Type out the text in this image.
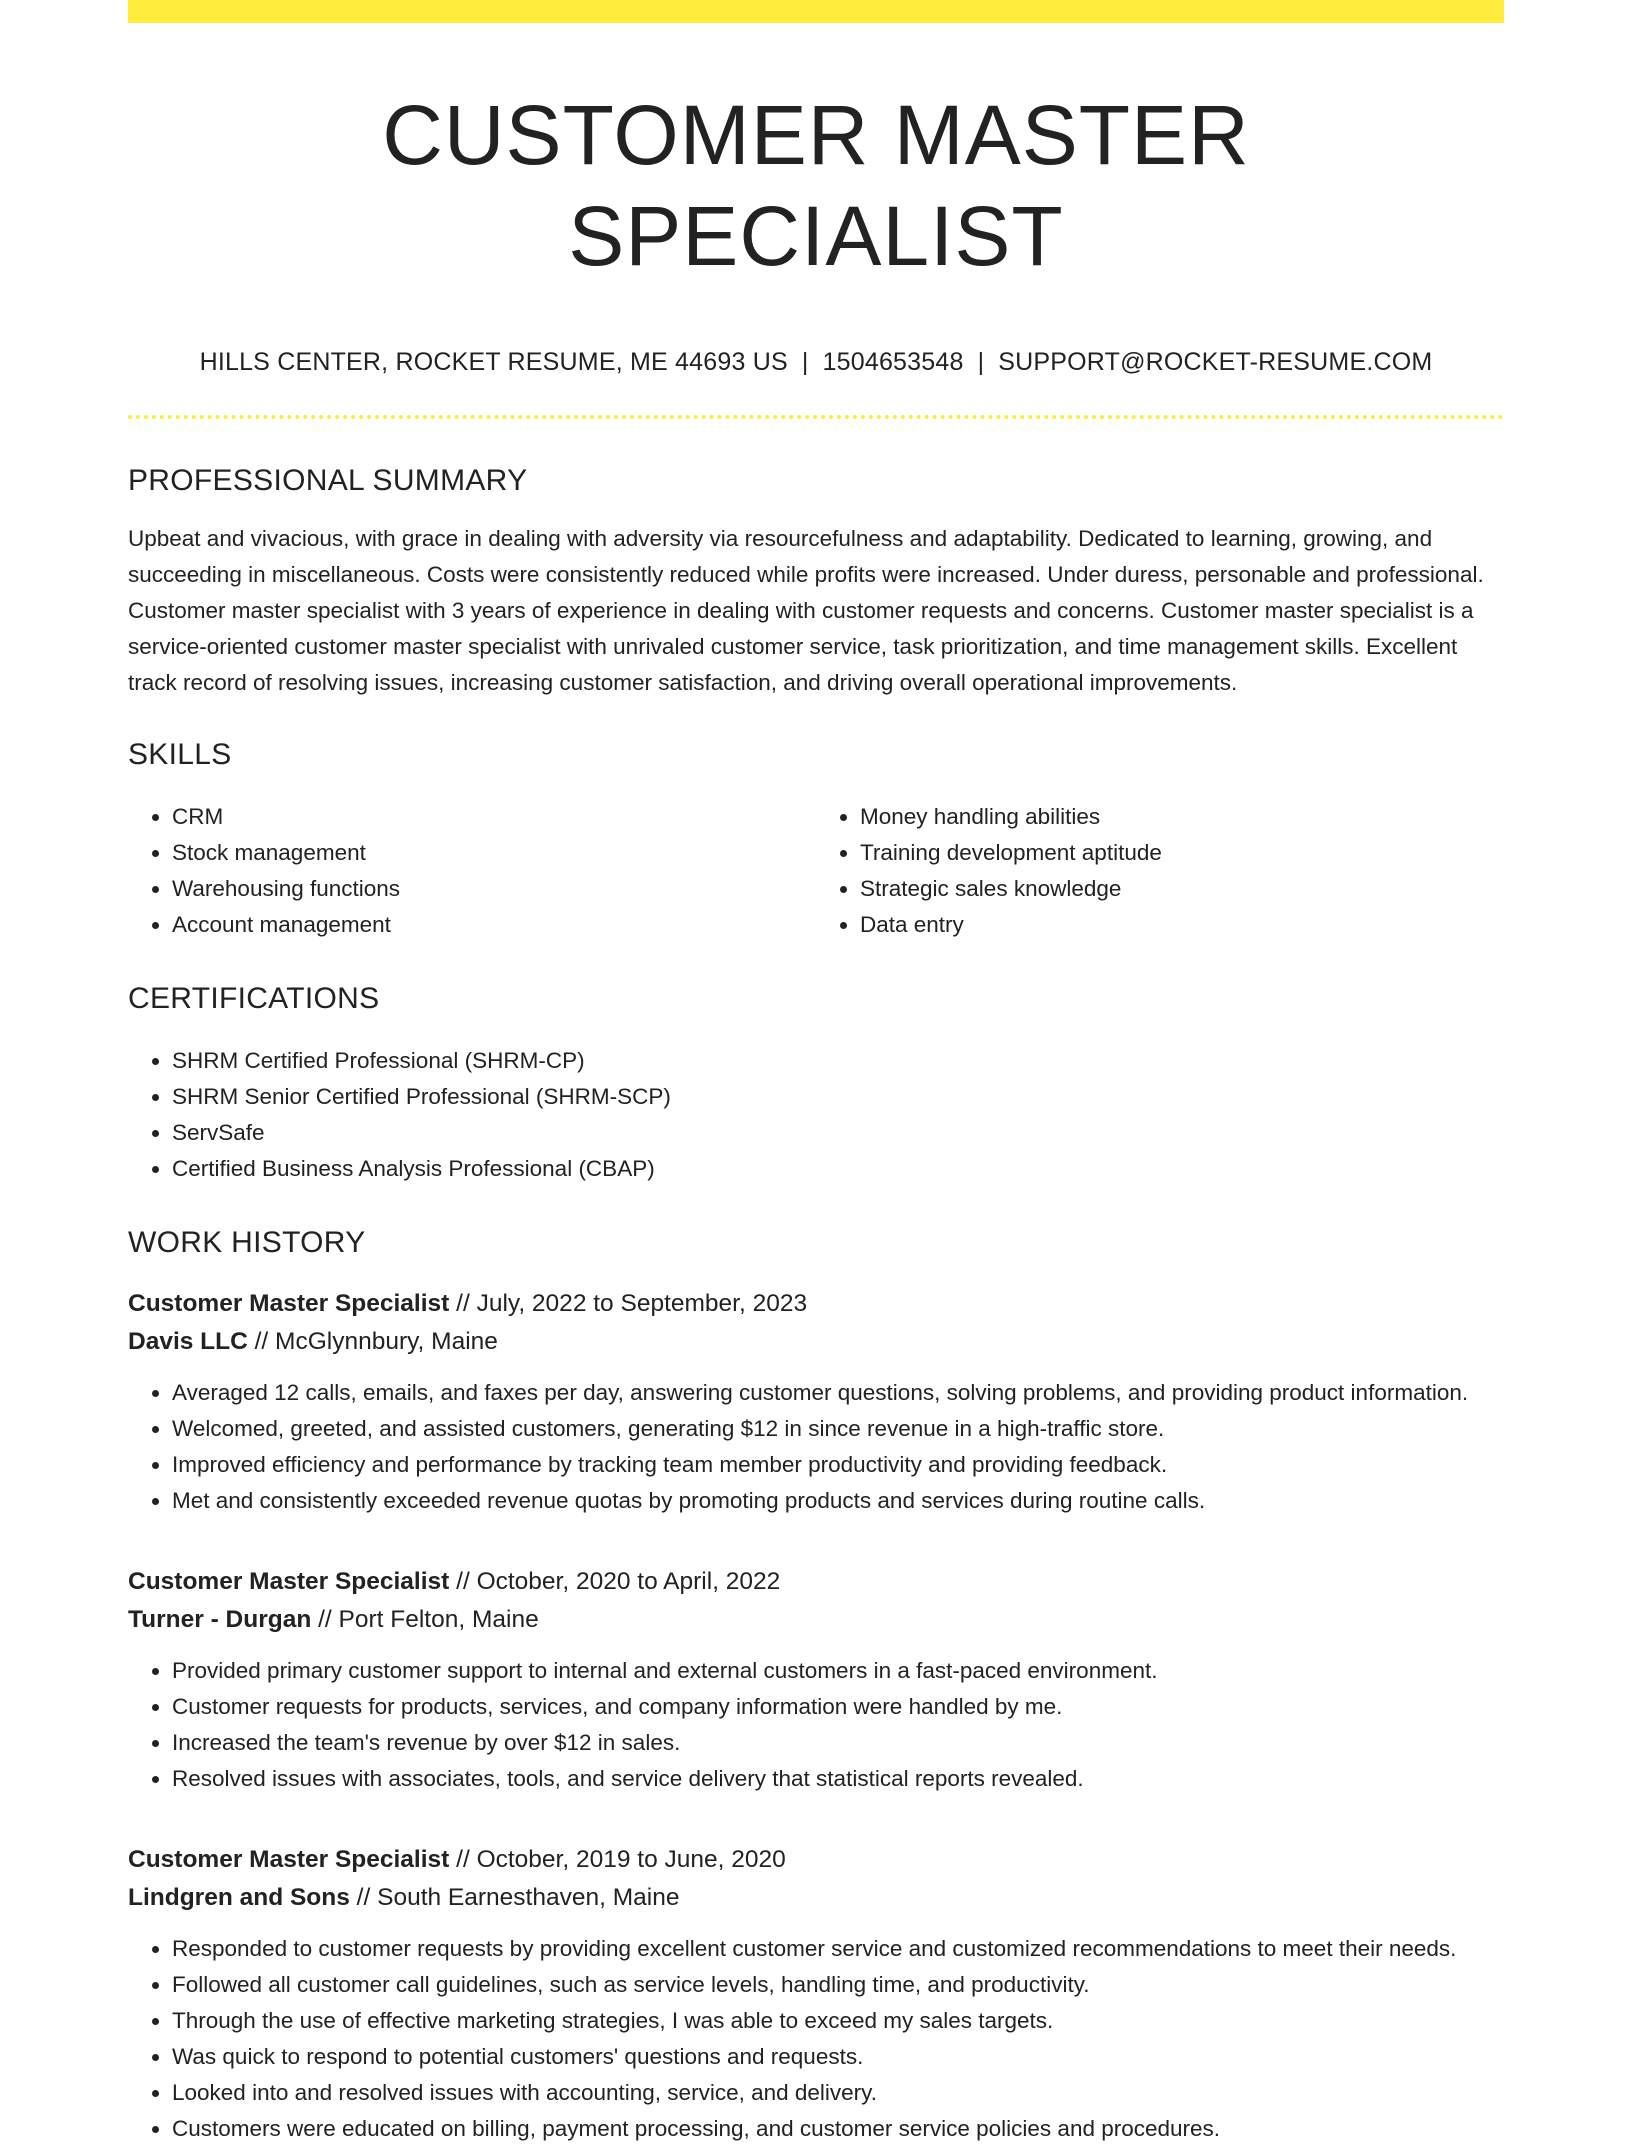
CUSTOMER MASTER SPECIALIST
HILLS CENTER, ROCKET RESUME, ME 44693 US | 1504653548 | SUPPORT@ROCKET-RESUME.COM
PROFESSIONAL SUMMARY
Upbeat and vivacious, with grace in dealing with adversity via resourcefulness and adaptability. Dedicated to learning, growing, and succeeding in miscellaneous. Costs were consistently reduced while profits were increased. Under duress, personable and professional. Customer master specialist with 3 years of experience in dealing with customer requests and concerns. Customer master specialist is a service-oriented customer master specialist with unrivaled customer service, task prioritization, and time management skills. Excellent track record of resolving issues, increasing customer satisfaction, and driving overall operational improvements.
SKILLS
• CRM
• Stock management
• Warehousing functions
• Account management
• Money handling abilities
• Training development aptitude
• Strategic sales knowledge
• Data entry
CERTIFICATIONS
• SHRM Certified Professional (SHRM-CP)
• SHRM Senior Certified Professional (SHRM-SCP)
• ServSafe
• Certified Business Analysis Professional (CBAP)
WORK HISTORY
Customer Master Specialist // July, 2022 to September, 2023
Davis LLC // McGlynnbury, Maine
• Averaged 12 calls, emails, and faxes per day, answering customer questions, solving problems, and providing product information.
• Welcomed, greeted, and assisted customers, generating $12 in since revenue in a high-traffic store.
• Improved efficiency and performance by tracking team member productivity and providing feedback.
• Met and consistently exceeded revenue quotas by promoting products and services during routine calls.
Customer Master Specialist // October, 2020 to April, 2022
Turner - Durgan // Port Felton, Maine
• Provided primary customer support to internal and external customers in a fast-paced environment.
• Customer requests for products, services, and company information were handled by me.
• Increased the team's revenue by over $12 in sales.
• Resolved issues with associates, tools, and service delivery that statistical reports revealed.
Customer Master Specialist // October, 2019 to June, 2020
Lindgren and Sons // South Earnesthaven, Maine
• Responded to customer requests by providing excellent customer service and customized recommendations to meet their needs.
• Followed all customer call guidelines, such as service levels, handling time, and productivity.
• Through the use of effective marketing strategies, I was able to exceed my sales targets.
• Was quick to respond to potential customers' questions and requests.
• Looked into and resolved issues with accounting, service, and delivery.
• Customers were educated on billing, payment processing, and customer service policies and procedures.
